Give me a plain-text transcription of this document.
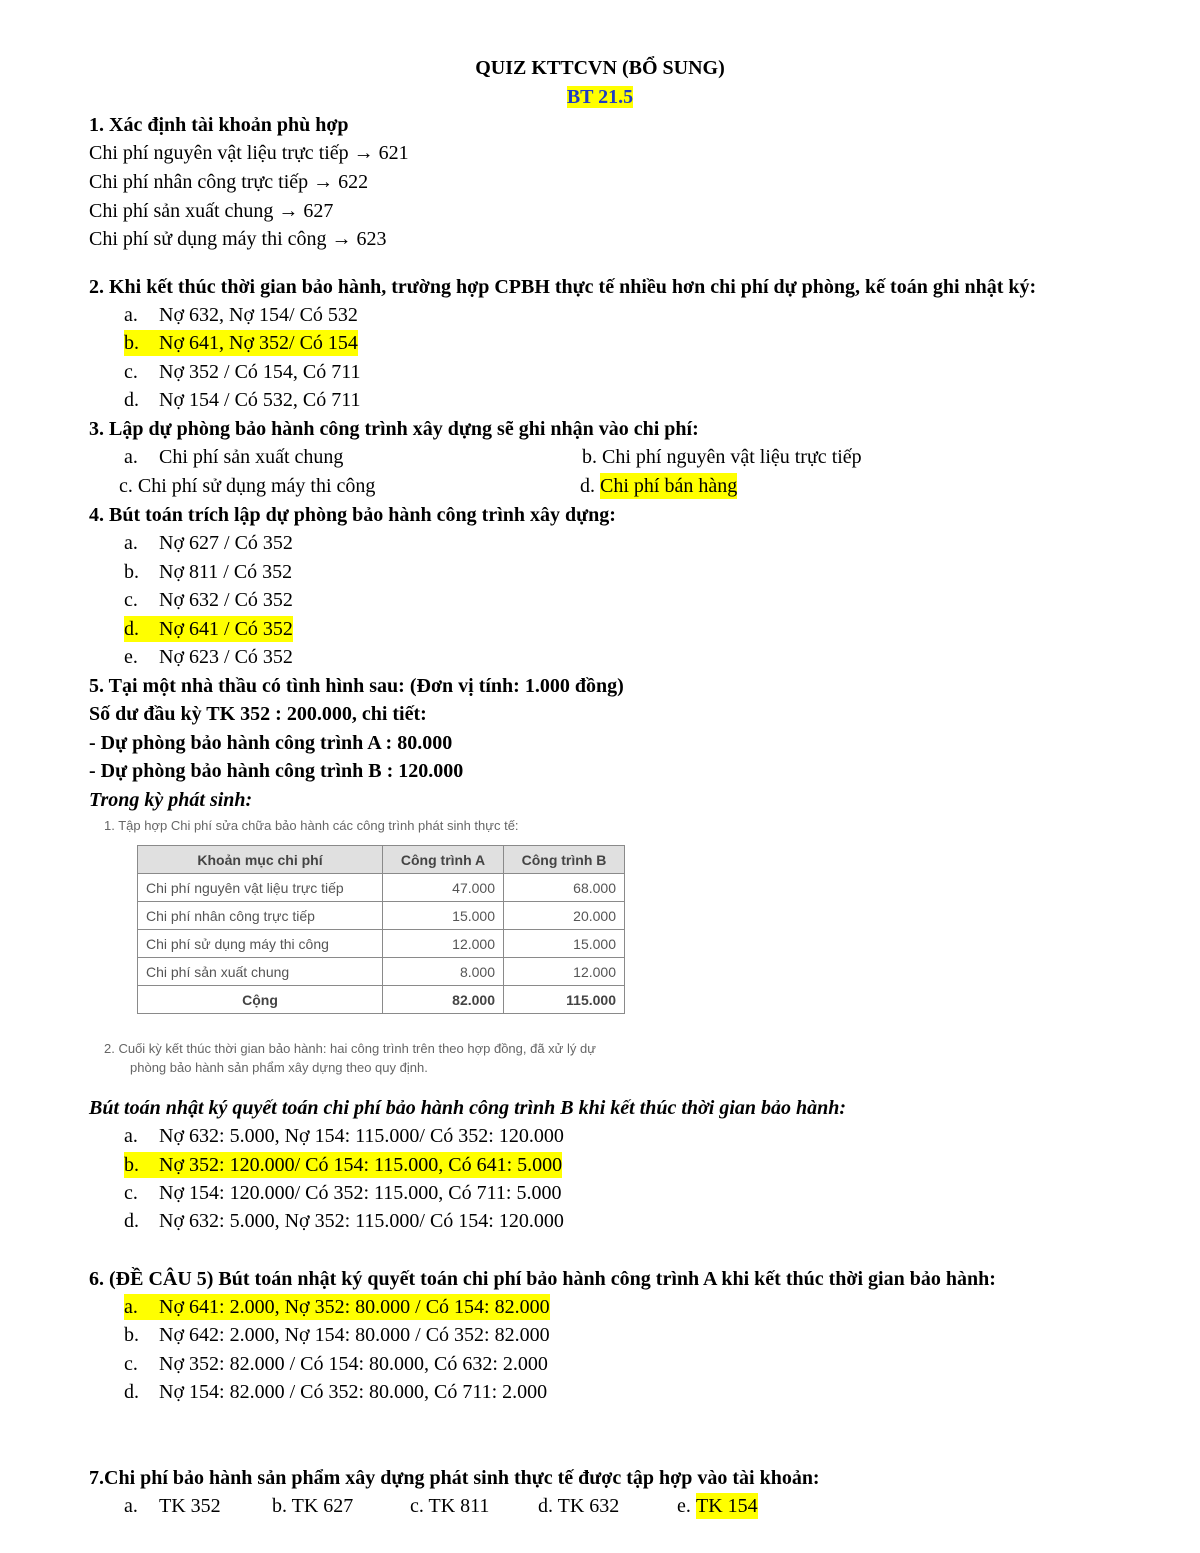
QUIZ KTTCVN (BỔ SUNG)
BT 21.5
1. Xác định tài khoản phù hợp
Chi phí nguyên vật liệu trực tiếp → 621
Chi phí nhân công trực tiếp → 622
Chi phí sản xuất chung → 627
Chi phí sử dụng máy thi công → 623
2. Khi kết thúc thời gian bảo hành, trường hợp CPBH thực tế nhiều hơn chi phí dự phòng, kế toán ghi nhật ký:
a. Nợ 632, Nợ 154/ Có 532
b.	Nợ 641, Nợ 352/ Có 154
c. Nợ 352 / Có 154, Có 711
d. Nợ 154 / Có 532, Có 711
3. Lập dự phòng bảo hành công trình xây dựng sẽ ghi nhận vào chi phí:
a. Chi phí sản xuất chung	b. Chi phí nguyên vật liệu trực tiếp
c. Chi phí sử dụng máy thi công	d. Chi phí bán hàng
4. Bút toán trích lập dự phòng bảo hành công trình xây dựng:
a. Nợ 627 / Có 352
b. Nợ 811 / Có 352
c. Nợ 632 / Có 352
d.	Nợ 641 / Có 352
e. Nợ 623 / Có 352
5. Tại một nhà thầu có tình hình sau: (Đơn vị tính: 1.000 đồng)
Số dư đầu kỳ TK 352 : 200.000, chi tiết:
- Dự phòng bảo hành công trình A : 80.000
- Dự phòng bảo hành công trình B : 120.000
Trong kỳ phát sinh:
1. Tập hợp Chi phí sửa chữa bảo hành các công trình phát sinh thực tế:
Khoản mục chi phí	Công trình A	Công trình B
Chi phí nguyên vật liệu trực tiếp	47.000	68.000
Chi phí nhân công trực tiếp	15.000	20.000
Chi phí sử dụng máy thi công	12.000	15.000
Chi phí sản xuất chung	8.000	12.000
Cộng	82.000	115.000
2. Cuối kỳ kết thúc thời gian bảo hành: hai công trình trên theo hợp đồng, đã xử lý dự
phòng bảo hành sản phẩm xây dựng theo quy định.
Bút toán nhật ký quyết toán chi phí bảo hành công trình B khi kết thúc thời gian bảo hành:
a. Nợ 632: 5.000, Nợ 154: 115.000/ Có 352: 120.000
b.	Nợ 352: 120.000/ Có 154: 115.000, Có 641: 5.000
c. Nợ 154: 120.000/ Có 352: 115.000, Có 711: 5.000
d. Nợ 632: 5.000, Nợ 352: 115.000/ Có 154: 120.000
6. (ĐỀ CÂU 5) Bút toán nhật ký quyết toán chi phí bảo hành công trình A khi kết thúc thời gian bảo hành:
a.	Nợ 641: 2.000, Nợ 352: 80.000 / Có 154: 82.000
b. Nợ 642: 2.000, Nợ 154: 80.000 / Có 352: 82.000
c. Nợ 352: 82.000 / Có 154: 80.000, Có 632: 2.000
d. Nợ 154: 82.000 / Có 352: 80.000, Có 711: 2.000
7.Chi phí bảo hành sản phẩm xây dựng phát sinh thực tế được tập hợp vào tài khoản:
a. TK 352	b. TK 627	c. TK 811 d. TK 632	e. TK 154
